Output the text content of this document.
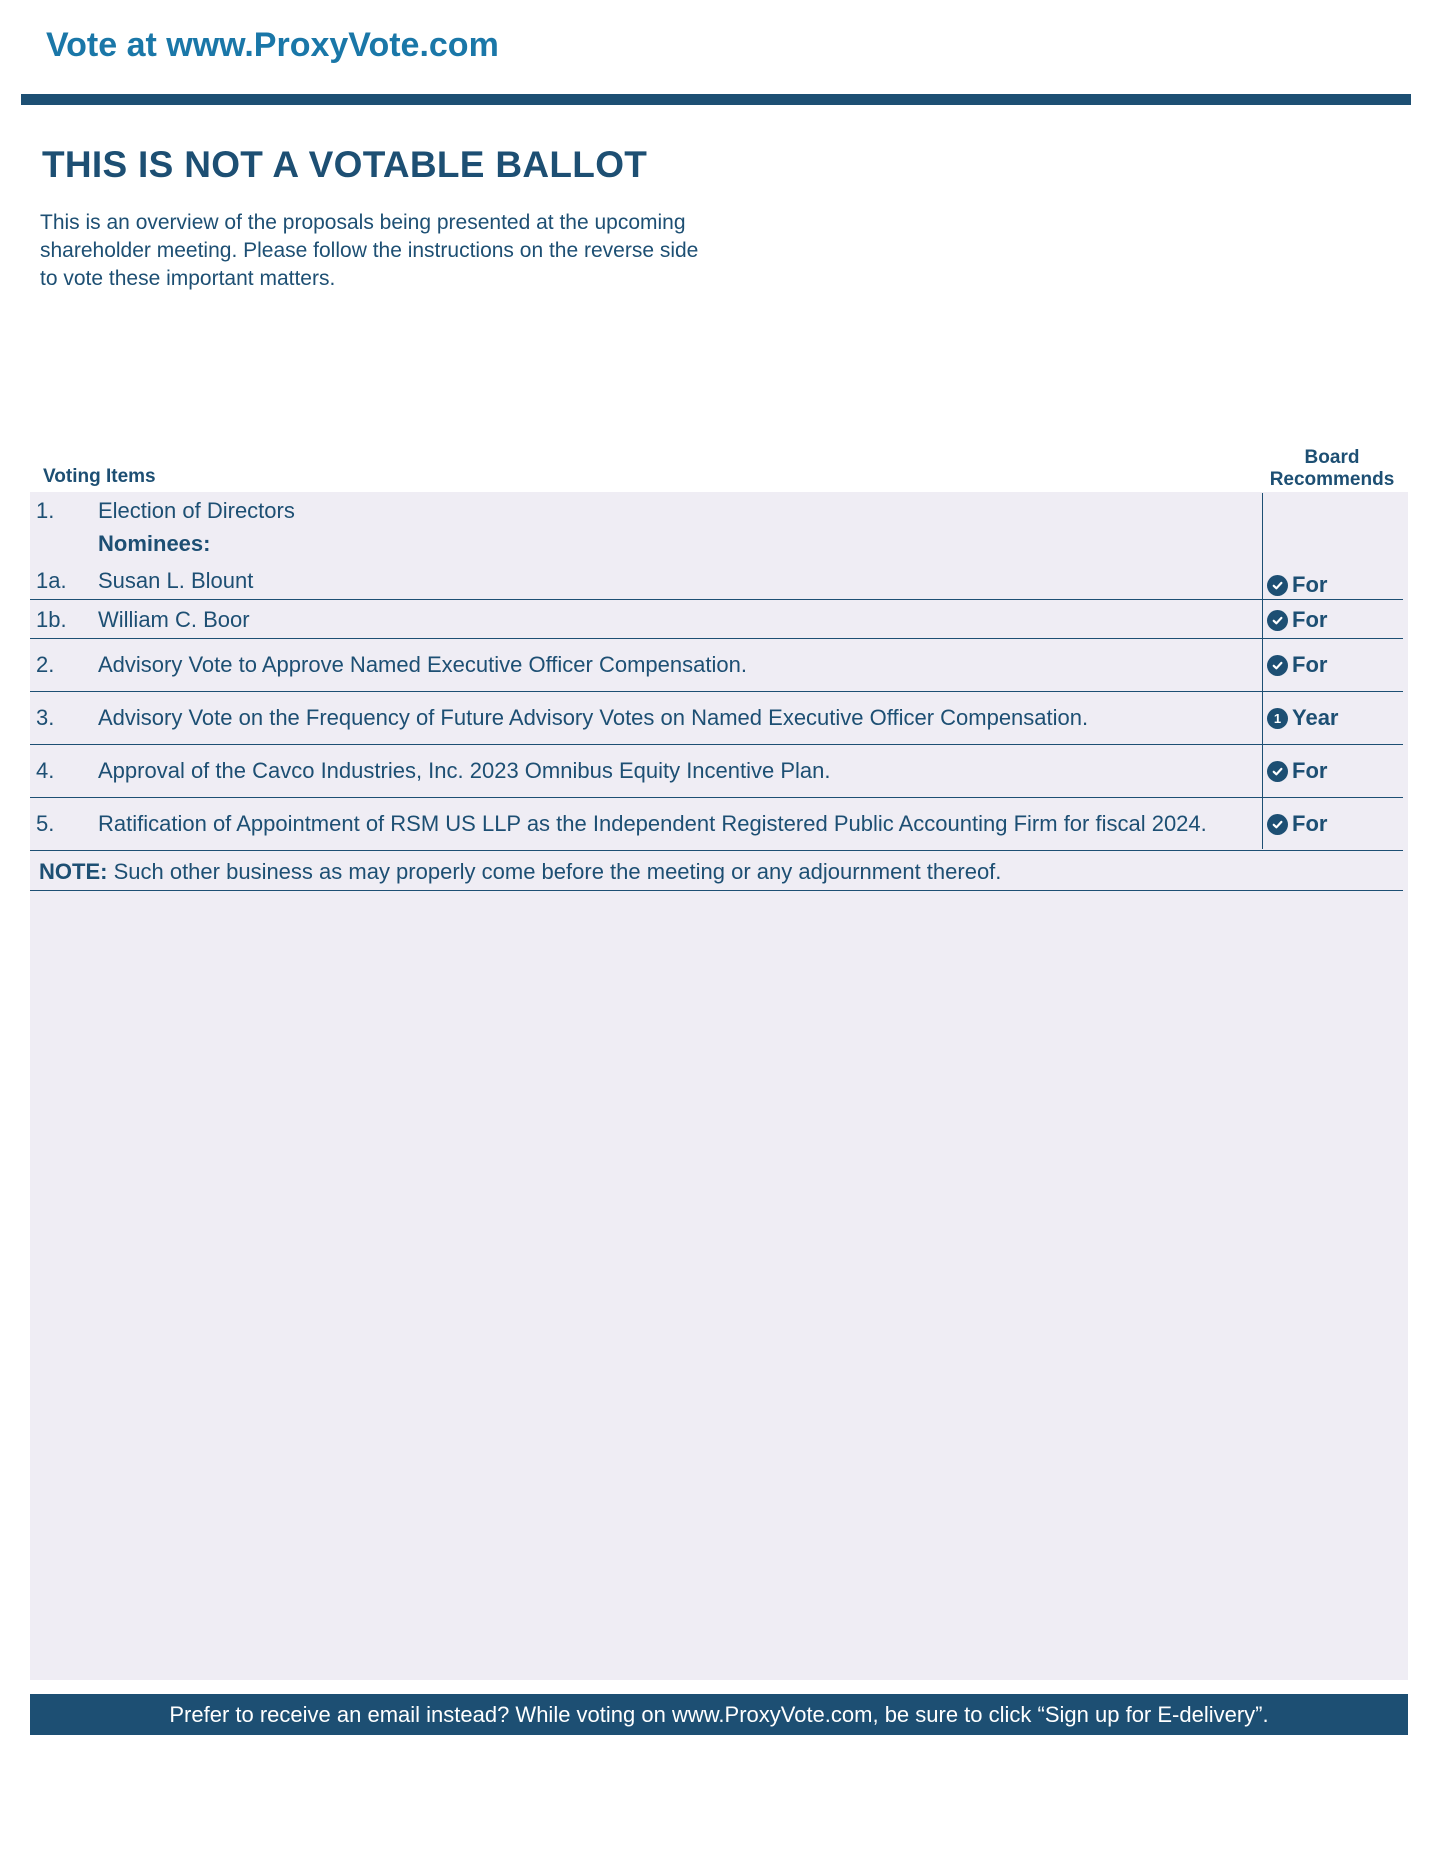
Vote at www.ProxyVote.com
THIS IS NOT A VOTABLE BALLOT
This is an overview of the proposals being presented at the upcoming shareholder meeting. Please follow the instructions on the reverse side to vote these important matters.
Voting Items
Board Recommends
1. Election of Directors
Nominees:
1a. Susan L. Blount	For
1b. William C. Boor	For
2. Advisory Vote to Approve Named Executive Officer Compensation.	For
3. Advisory Vote on the Frequency of Future Advisory Votes on Named Executive Officer Compensation.	1 Year
4. Approval of the Cavco Industries, Inc. 2023 Omnibus Equity Incentive Plan.	For
5. Ratification of Appointment of RSM US LLP as the Independent Registered Public Accounting Firm for fiscal 2024.	For
NOTE: Such other business as may properly come before the meeting or any adjournment thereof.
Prefer to receive an email instead? While voting on www.ProxyVote.com, be sure to click “Sign up for E-delivery”.
